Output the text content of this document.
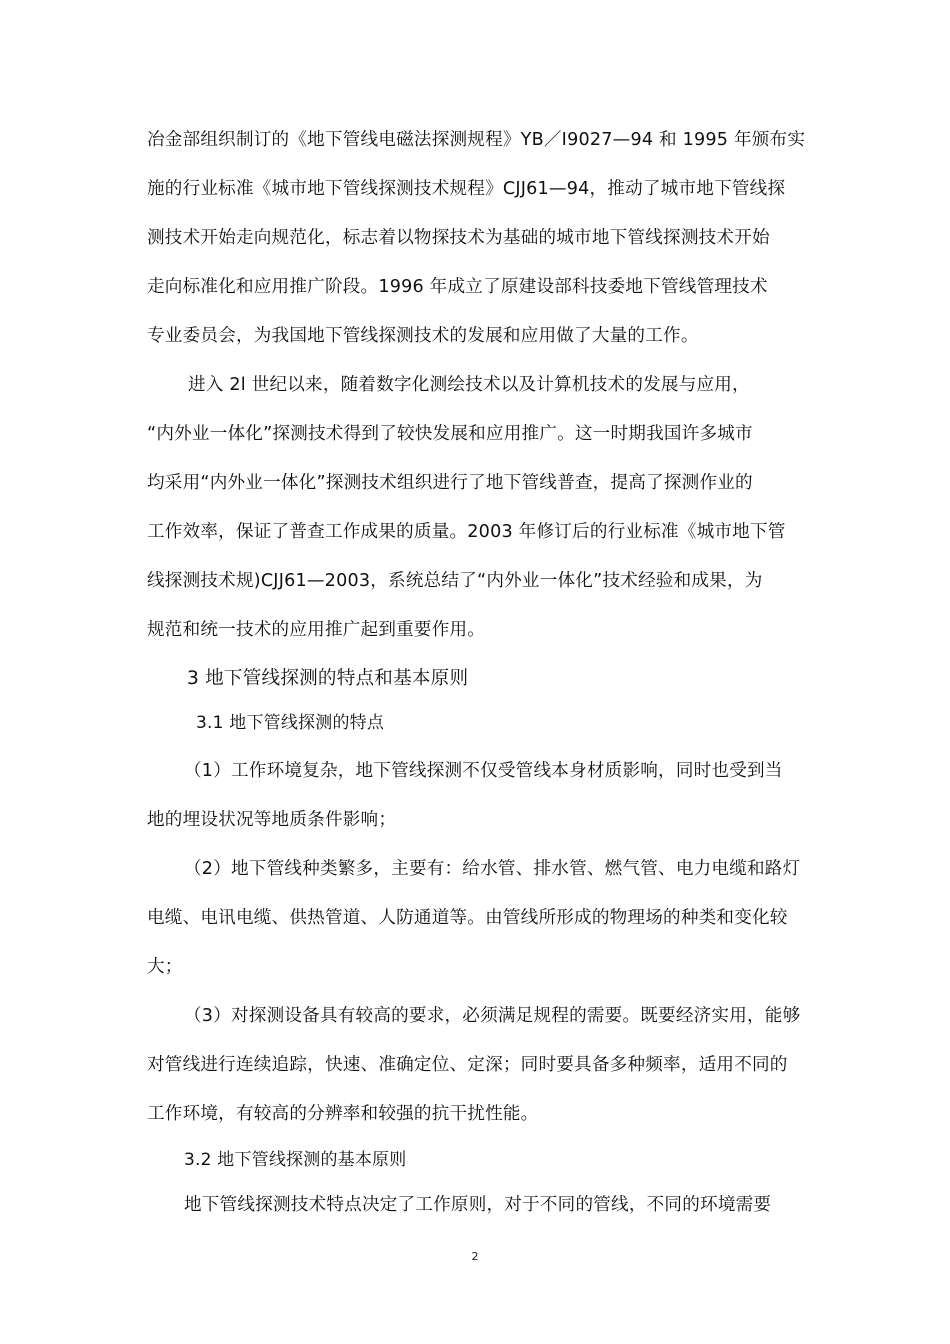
冶金部组织制订的《地下管线电磁法探测规程》YB／I9027—94 和 1995 年颁布实
施的行业标准《城市地下管线探测技术规程》CJJ61—94，推动了城市地下管线探
测技术开始走向规范化，标志着以物探技术为基础的城市地下管线探测技术开始
走向标准化和应用推广阶段。1996 年成立了原建设部科技委地下管线管理技术
专业委员会，为我国地下管线探测技术的发展和应用做了大量的工作。
进入 2l 世纪以来，随着数字化测绘技术以及计算机技术的发展与应用，
“内外业一体化”探测技术得到了较快发展和应用推广。这一时期我国许多城市
均采用“内外业一体化”探测技术组织进行了地下管线普查，提高了探测作业的
工作效率，保证了普查工作成果的质量。2003 年修订后的行业标准《城市地下管
线探测技术规)CJJ61—2003，系统总结了“内外业一体化”技术经验和成果，为
规范和统一技术的应用推广起到重要作用。
3 地下管线探测的特点和基本原则
3.1 地下管线探测的特点
（1）工作环境复杂，地下管线探测不仅受管线本身材质影响，同时也受到当
地的埋设状况等地质条件影响；
（2）地下管线种类繁多，主要有：给水管、排水管、燃气管、电力电缆和路灯
电缆、电讯电缆、供热管道、人防通道等。由管线所形成的物理场的种类和变化较
大；
（3）对探测设备具有较高的要求，必须满足规程的需要。既要经济实用，能够
对管线进行连续追踪，快速、准确定位、定深；同时要具备多种频率，适用不同的
工作环境，有较高的分辨率和较强的抗干扰性能。
3.2 地下管线探测的基本原则
地下管线探测技术特点决定了工作原则，对于不同的管线，不同的环境需要
2
